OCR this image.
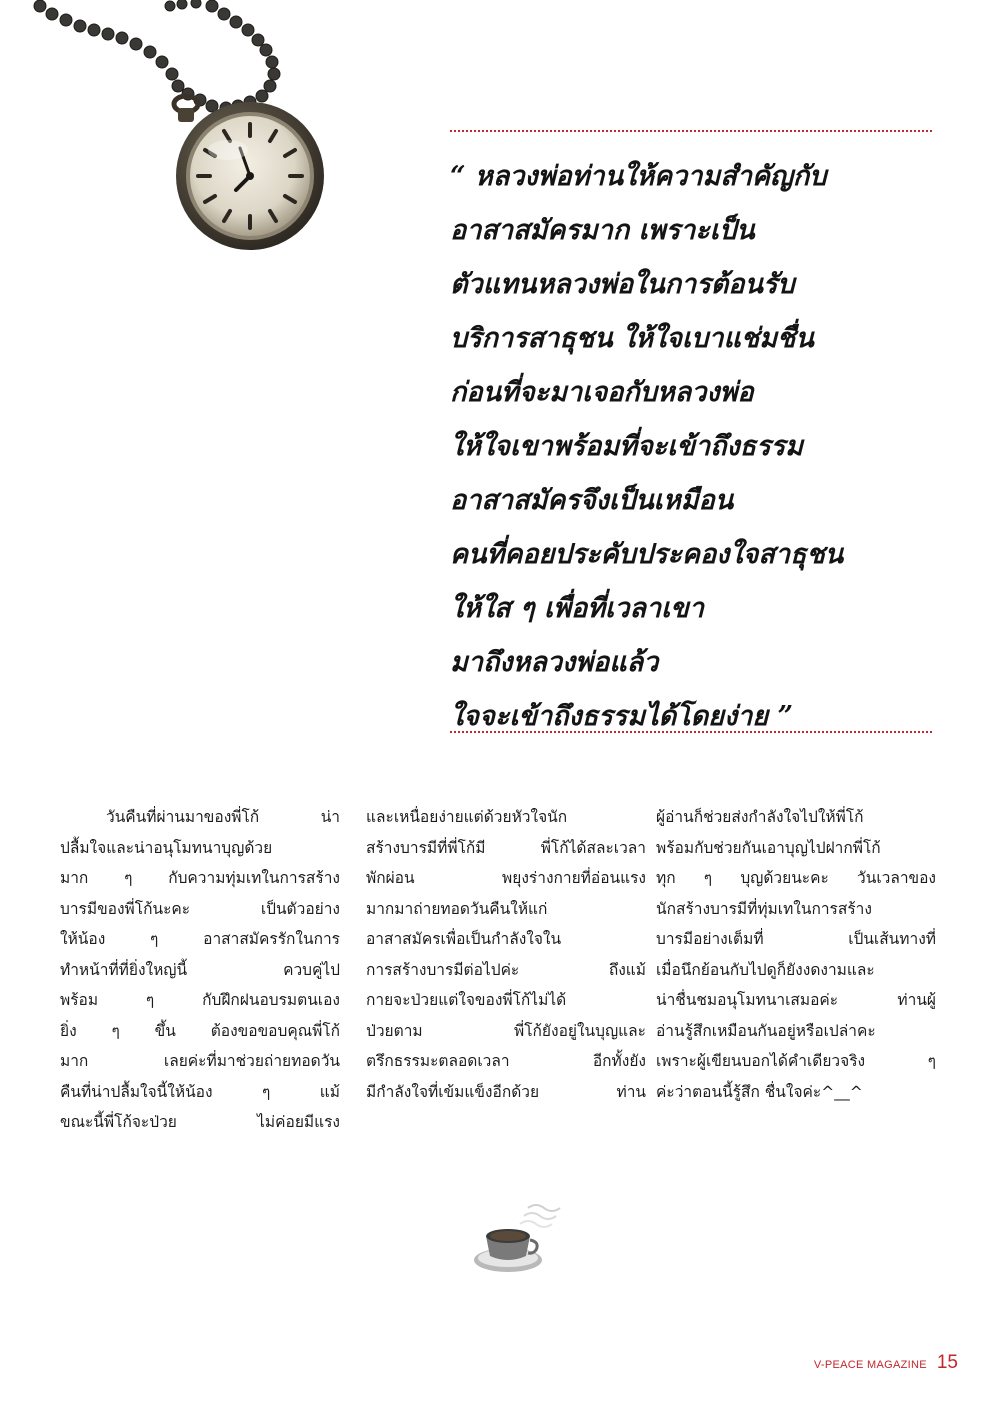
“ หลวงพ่อท่านให้ความสำคัญกับ
อาสาสมัครมาก เพราะเป็น
ตัวแทนหลวงพ่อในการต้อนรับ
บริการสาธุชน ให้ใจเบาแช่มชื่น
ก่อนที่จะมาเจอกับหลวงพ่อ
ให้ใจเขาพร้อมที่จะเข้าถึงธรรม
อาสาสมัครจึงเป็นเหมือน
คนที่คอยประคับประคองใจสาธุชน
ให้ใส ๆ เพื่อที่เวลาเขา
มาถึงหลวงพ่อแล้ว
ใจจะเข้าถึงธรรมได้โดยง่าย ”
วันคืนที่ผ่านมาของพี่โก้ น่า
ปลื้มใจและน่าอนุโมทนาบุญด้วย
มาก ๆ กับความทุ่มเทในการสร้าง
บารมีของพี่โก้นะคะ เป็นตัวอย่าง
ให้น้อง ๆ อาสาสมัครรักในการ
ทำหน้าที่ที่ยิ่งใหญ่นี้ ควบคู่ไป
พร้อม ๆ กับฝึกฝนอบรมตนเอง
ยิ่ง ๆ ขึ้น ต้องขอขอบคุณพี่โก้
มาก เลยค่ะที่มาช่วยถ่ายทอดวัน
คืนที่น่าปลื้มใจนี้ให้น้อง ๆ แม้
ขณะนี้พี่โก้จะป่วย ไม่ค่อยมีแรง
และเหนื่อยง่ายแต่ด้วยหัวใจนัก
สร้างบารมีที่พี่โก้มี พี่โก้ได้สละเวลา
พักผ่อน พยุงร่างกายที่อ่อนแรง
มากมาถ่ายทอดวันคืนให้แก่
อาสาสมัครเพื่อเป็นกำลังใจใน
การสร้างบารมีต่อไปค่ะ ถึงแม้
กายจะป่วยแต่ใจของพี่โก้ไม่ได้
ป่วยตาม พี่โก้ยังอยู่ในบุญและ
ตรึกธรรมะตลอดเวลา อีกทั้งยัง
มีกำลังใจที่เข้มแข็งอีกด้วย ท่าน
ผู้อ่านก็ช่วยส่งกำลังใจไปให้พี่โก้
พร้อมกับช่วยกันเอาบุญไปฝากพี่โก้
ทุก ๆ บุญด้วยนะคะ วันเวลาของ
นักสร้างบารมีที่ทุ่มเทในการสร้าง
บารมีอย่างเต็มที่ เป็นเส้นทางที่
เมื่อนึกย้อนกับไปดูก็ยังงดงามและ
น่าชื่นชมอนุโมทนาเสมอค่ะ ท่านผู้
อ่านรู้สึกเหมือนกันอยู่หรือเปล่าคะ
เพราะผู้เขียนบอกได้คำเดียวจริง ๆ
ค่ะว่าตอนนี้รู้สึก ชื่นใจค่ะ^__^
V-PEACE MAGAZINE 15
